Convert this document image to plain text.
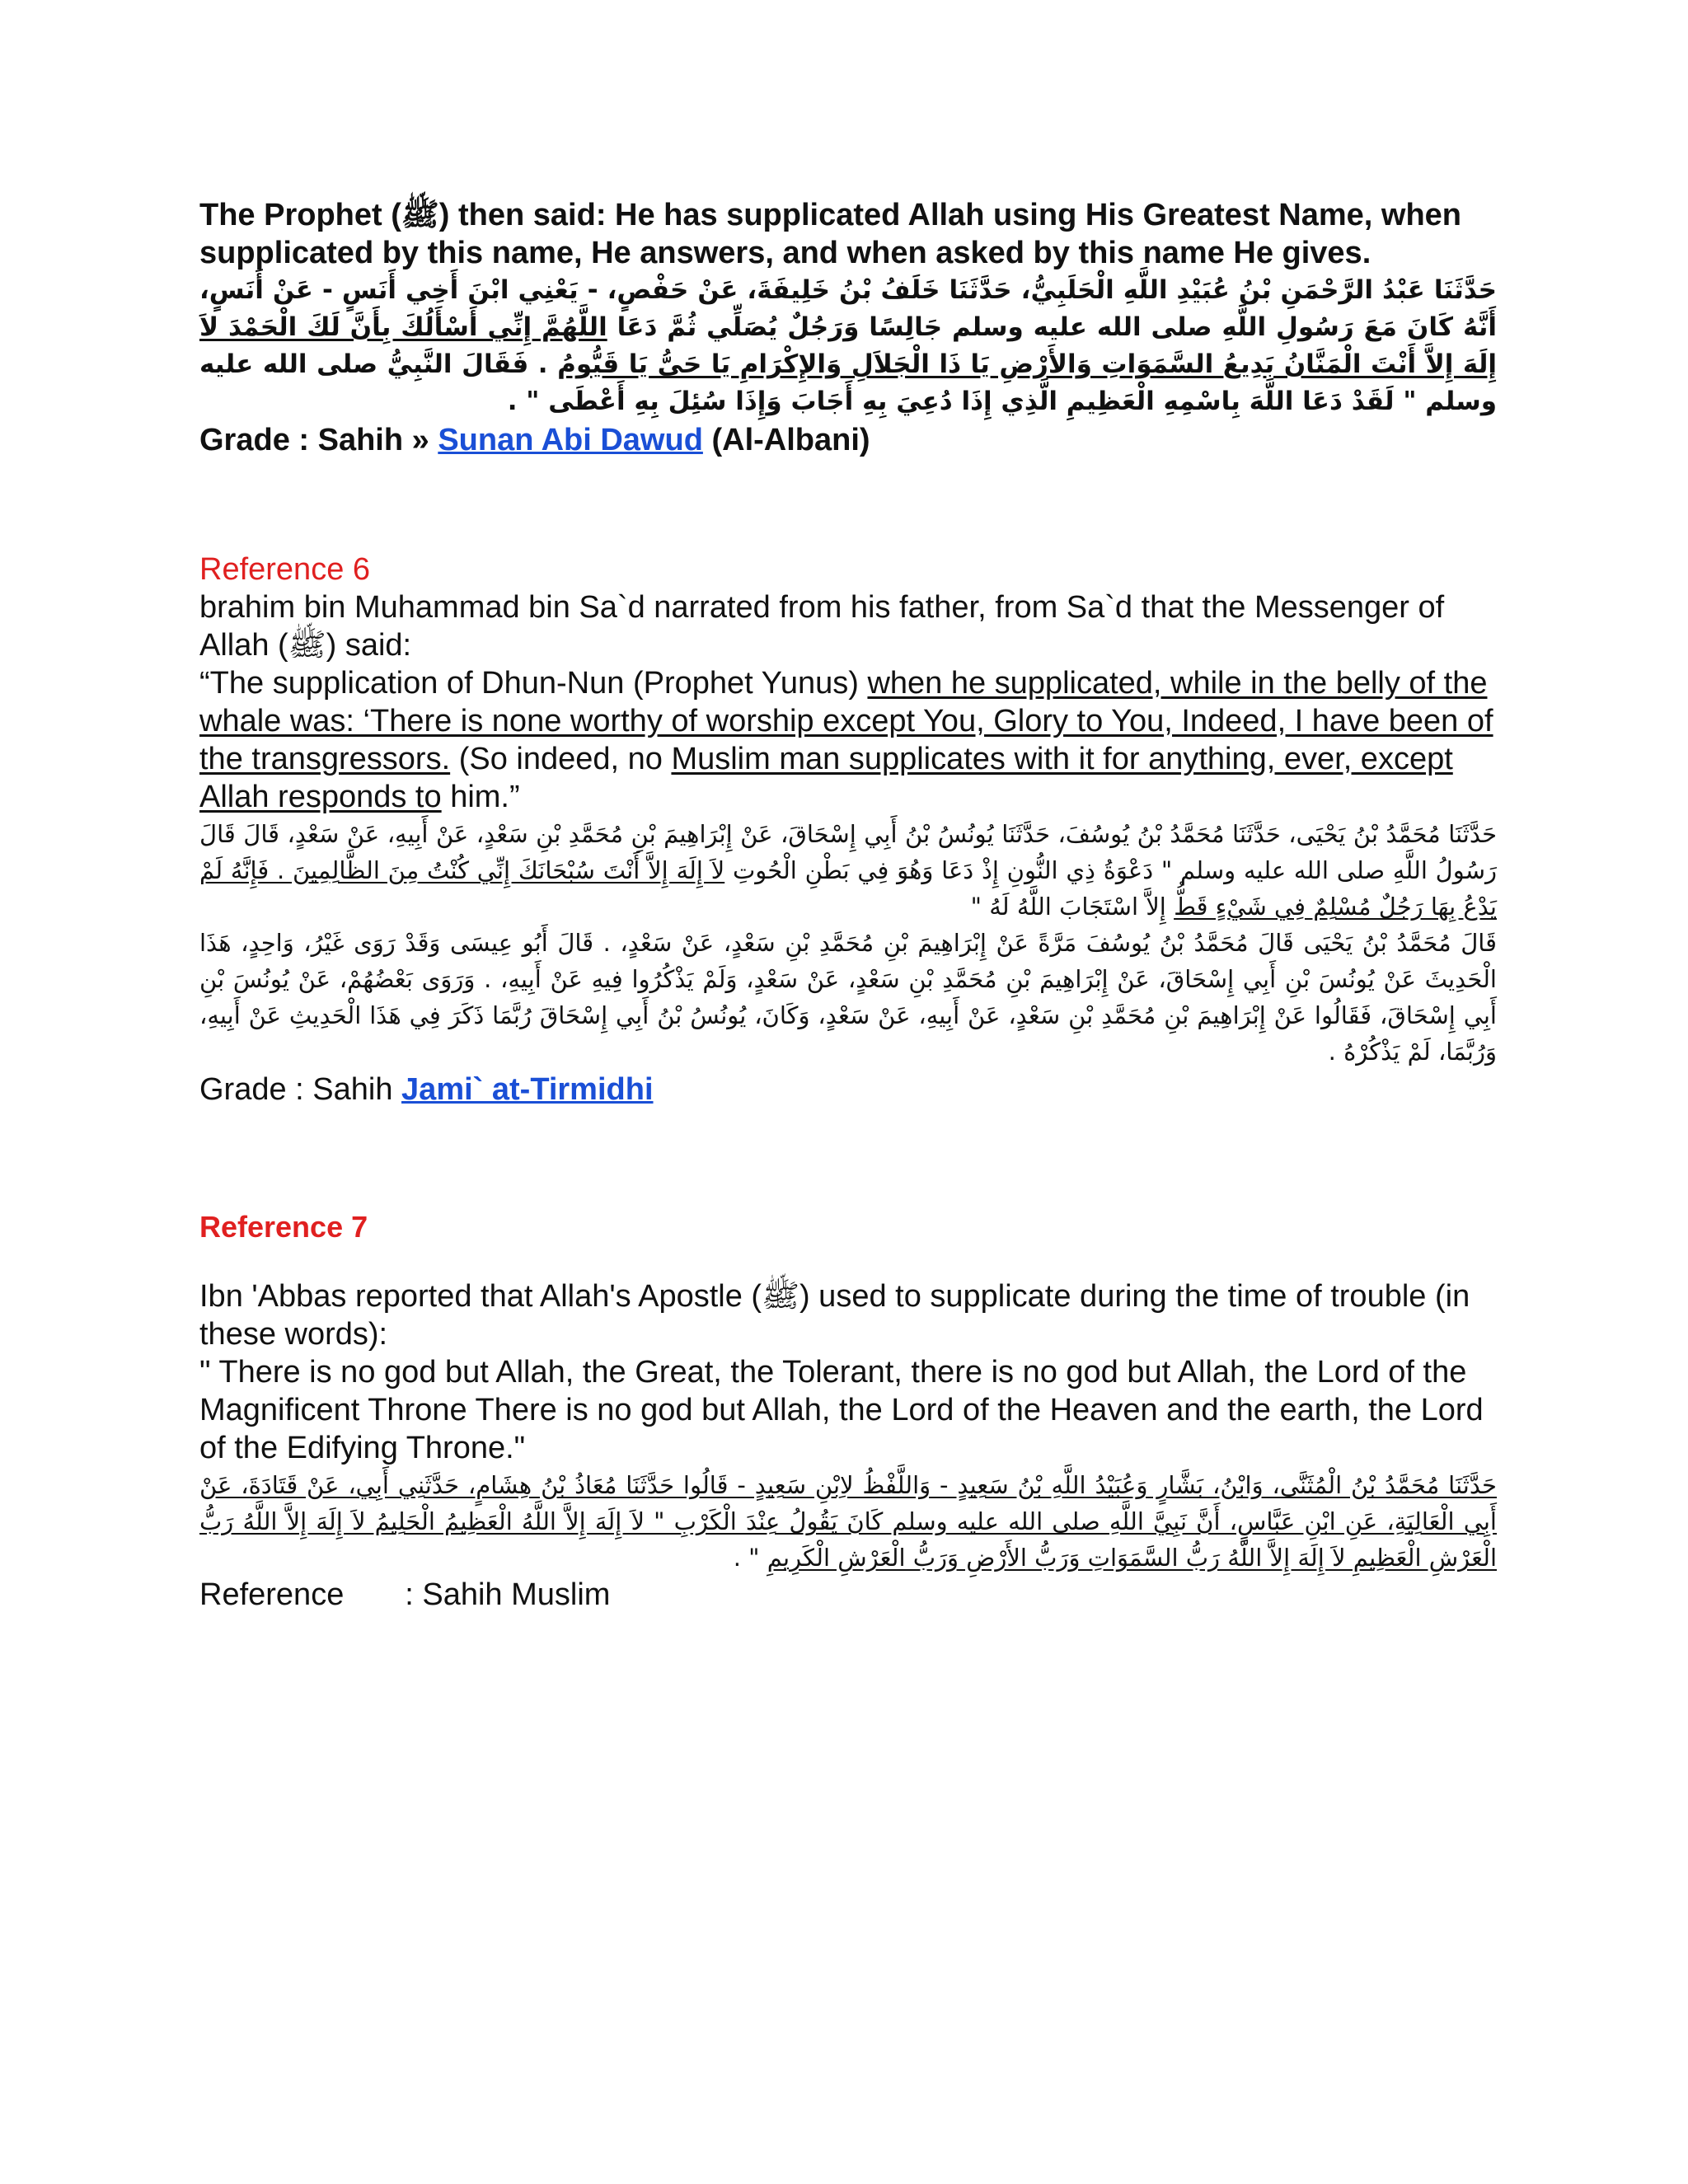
The Prophet (ﷺ) then said: He has supplicated Allah using His Greatest Name, when supplicated by this name, He answers, and when asked by this name He gives.

حَدَّثَنَا عَبْدُ الرَّحْمَنِ بْنُ عُبَيْدِ اللَّهِ الْحَلَبِيُّ، حَدَّثَنَا خَلَفُ بْنُ خَلِيفَةَ، عَنْ حَفْصٍ، - يَعْنِي ابْنَ أَخِي أَنَسٍ - عَنْ أَنَسٍ، أَنَّهُ كَانَ مَعَ رَسُولِ اللَّهِ صلى الله عليه وسلم جَالِسًا وَرَجُلٌ يُصَلِّي ثُمَّ دَعَا اللَّهُمَّ إِنِّي أَسْأَلُكَ بِأَنَّ لَكَ الْحَمْدَ لاَ إِلَهَ إِلاَّ أَنْتَ الْمَنَّانُ بَدِيعُ السَّمَوَاتِ وَالأَرْضِ يَا ذَا الْجَلاَلِ وَالإِكْرَامِ يَا حَىُّ يَا قَيُّومُ . فَقَالَ النَّبِيُّ صلى الله عليه وسلم " لَقَدْ دَعَا اللَّهَ بِاسْمِهِ الْعَظِيمِ الَّذِي إِذَا دُعِيَ بِهِ أَجَابَ وَإِذَا سُئِلَ بِهِ أَعْطَى " .

Grade : Sahih » Sunan Abi Dawud (Al-Albani)

Reference 6

brahim bin Muhammad bin Sa`d narrated from his father, from Sa`d that the Messenger of Allah (ﷺ) said:

“The supplication of Dhun-Nun (Prophet Yunus) when he supplicated, while in the belly of the whale was: ‘There is none worthy of worship except You, Glory to You, Indeed, I have been of the transgressors. (So indeed, no Muslim man supplicates with it for anything, ever, except Allah responds to him.”

حَدَّثَنَا مُحَمَّدُ بْنُ يَحْيَى، حَدَّثَنَا مُحَمَّدُ بْنُ يُوسُفَ، حَدَّثَنَا يُونُسُ بْنُ أَبِي إِسْحَاقَ، عَنْ إِبْرَاهِيمَ بْنِ مُحَمَّدِ بْنِ سَعْدٍ، عَنْ أَبِيهِ، عَنْ سَعْدٍ، قَالَ قَالَ رَسُولُ اللَّهِ صلى الله عليه وسلم " دَعْوَةُ ذِي النُّونِ إِذْ دَعَا وَهُوَ فِي بَطْنِ الْحُوتِ لاَ إِلَهَ إِلاَّ أَنْتَ سُبْحَانَكَ إِنِّي كُنْتُ مِنَ الظَّالِمِينَ . فَإِنَّهُ لَمْ يَدْعُ بِهَا رَجُلٌ مُسْلِمٌ فِي شَيْءٍ قَطُّ إِلاَّ اسْتَجَابَ اللَّهُ لَهُ "

قَالَ مُحَمَّدُ بْنُ يَحْيَى قَالَ مُحَمَّدُ بْنُ يُوسُفَ مَرَّةً عَنْ إِبْرَاهِيمَ بْنِ مُحَمَّدِ بْنِ سَعْدٍ، عَنْ سَعْدٍ، . قَالَ أَبُو عِيسَى وَقَدْ رَوَى غَيْرُ، وَاحِدٍ، هَذَا الْحَدِيثَ عَنْ يُونُسَ بْنِ أَبِي إِسْحَاقَ، عَنْ إِبْرَاهِيمَ بْنِ مُحَمَّدِ بْنِ سَعْدٍ، عَنْ سَعْدٍ، وَلَمْ يَذْكُرُوا فِيهِ عَنْ أَبِيهِ، . وَرَوَى بَعْضُهُمْ، عَنْ يُونُسَ بْنِ أَبِي إِسْحَاقَ، فَقَالُوا عَنْ إِبْرَاهِيمَ بْنِ مُحَمَّدِ بْنِ سَعْدٍ، عَنْ أَبِيهِ، عَنْ سَعْدٍ، وَكَانَ، يُونُسُ بْنُ أَبِي إِسْحَاقَ رُبَّمَا ذَكَرَ فِي هَذَا الْحَدِيثِ عَنْ أَبِيهِ، وَرُبَّمَا، لَمْ يَذْكُرْهُ .

Grade : Sahih Jami` at-Tirmidhi

Reference 7

Ibn 'Abbas reported that Allah's Apostle (ﷺ) used to supplicate during the time of trouble (in these words):

" There is no god but Allah, the Great, the Tolerant, there is no god but Allah, the Lord of the Magnificent Throne There is no god but Allah, the Lord of the Heaven and the earth, the Lord of the Edifying Throne."

حَدَّثَنَا مُحَمَّدُ بْنُ الْمُثَنَّى، وَابْنُ، بَشَّارٍ وَعُبَيْدُ اللَّهِ بْنُ سَعِيدٍ - وَاللَّفْظُ لاِبْنِ سَعِيدٍ - قَالُوا حَدَّثَنَا مُعَاذُ بْنُ هِشَامٍ، حَدَّثَنِي أَبِي، عَنْ قَتَادَةَ، عَنْ أَبِي الْعَالِيَةِ، عَنِ ابْنِ عَبَّاسٍ، أَنَّ نَبِيَّ اللَّهِ صلى الله عليه وسلم كَانَ يَقُولُ عِنْدَ الْكَرْبِ " لاَ إِلَهَ إِلاَّ اللَّهُ الْعَظِيمُ الْحَلِيمُ لاَ إِلَهَ إِلاَّ اللَّهُ رَبُّ الْعَرْشِ الْعَظِيمِ لاَ إِلَهَ إِلاَّ اللَّهُ رَبُّ السَّمَوَاتِ وَرَبُّ الأَرْضِ وَرَبُّ الْعَرْشِ الْكَرِيمِ " .

Reference       : Sahih Muslim
